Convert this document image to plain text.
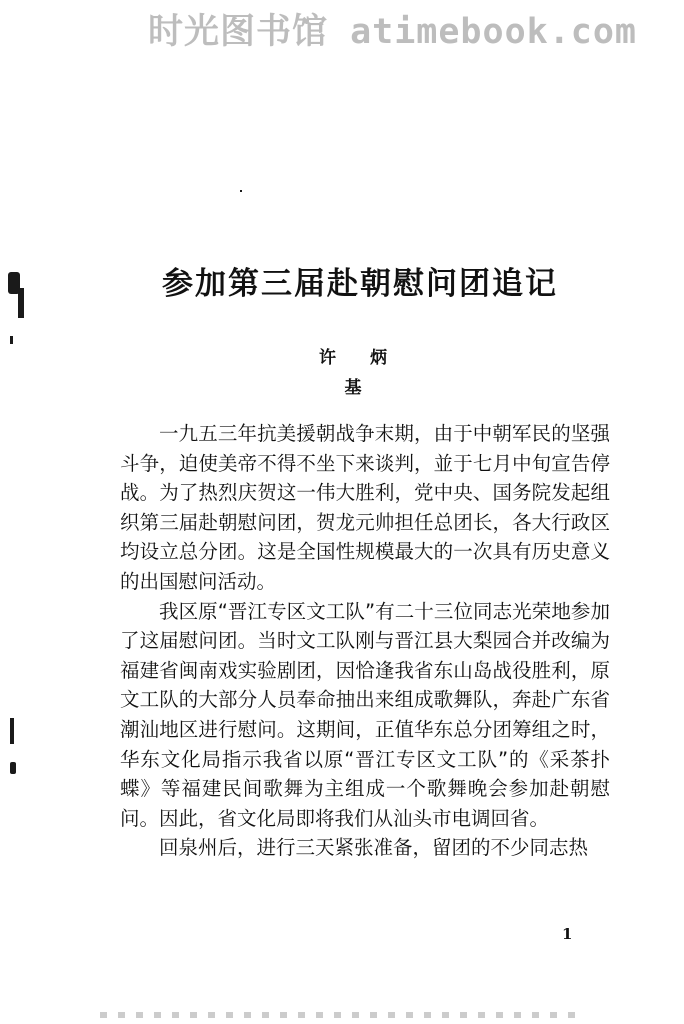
时光图书馆 atimebook.com
参加第三届赴朝慰问团追记
许 炳 基

一九五三年抗美援朝战争末期，由于中朝军民的坚强斗争，迫使美帝不得不坐下来谈判，並于七月中旬宣告停战。为了热烈庆贺这一伟大胜利，党中央、国务院发起组织第三届赴朝慰问团，贺龙元帅担任总团长，各大行政区均设立总分团。这是全国性规模最大的一次具有历史意义的出国慰问活动。

我区原“晋江专区文工队”有二十三位同志光荣地参加了这届慰问团。当时文工队刚与晋江县大梨园合并改编为福建省闽南戏实验剧团，因恰逢我省东山岛战役胜利，原文工队的大部分人员奉命抽出来组成歌舞队，奔赴广东省潮汕地区进行慰问。这期间，正值华东总分团筹组之时，华东文化局指示我省以原“晋江专区文工队”的《采茶扑蝶》等福建民间歌舞为主组成一个歌舞晚会参加赴朝慰问。因此，省文化局即将我们从汕头市电调回省。

回泉州后，进行三天紧张准备，留团的不少同志热

1
